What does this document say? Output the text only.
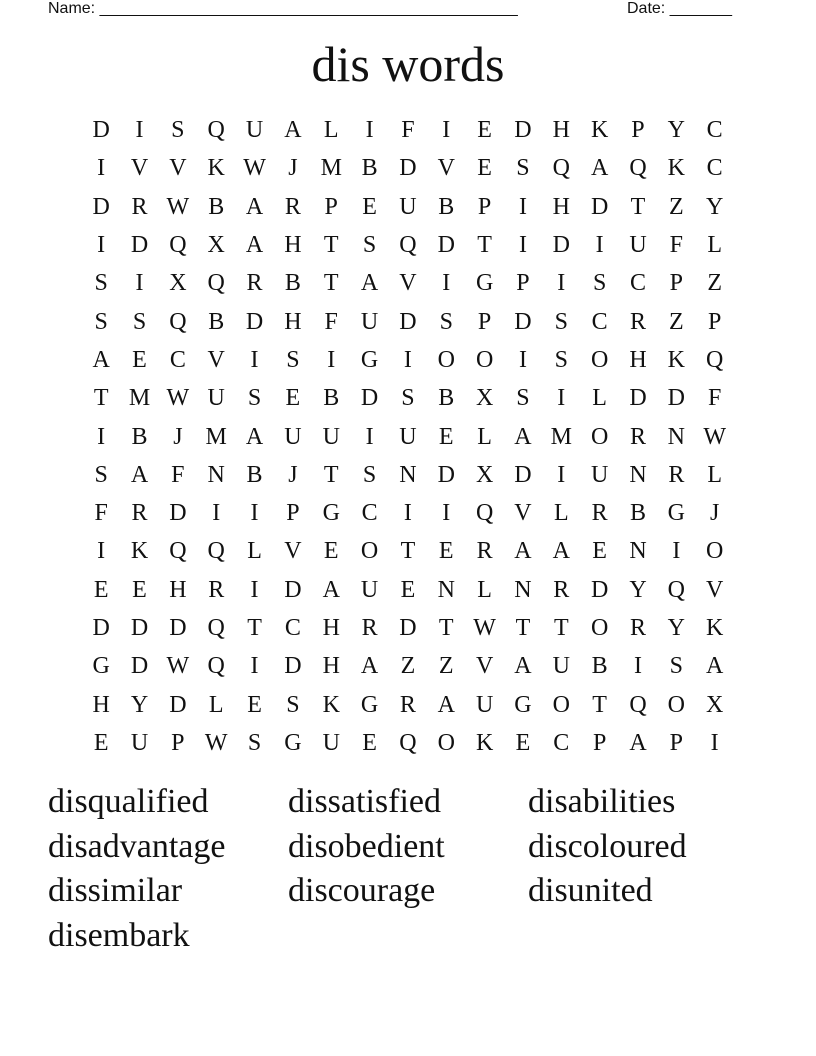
Name: _______________________________________________	Date: _______
dis words
D	I	S Q U A L	I	F	I	E D H K P Y C
I	V V K W J M B D V E	S Q A Q K C
D R W B A R P	E U B P	I	H D T Z Y
I	D Q X A H T	S Q D T	I	D	I	U F	L
S	I	X Q R B T A V	I	G P	I	S C P	Z
S	S Q B D H F U D S	P D S C R Z	P
A E C V	I	S	I	G	I	O O	I	S O H K Q
T M W U S	E B D S B X S	I	L D D F
I	B	J M A U U	I	U E L A M O R N W
S A F N B	J	T	S N D X D	I	U N R L
F R D	I	I	P G C	I	I	Q V L R B G	J
I	K Q Q L V E O T E R A A E N	I	O
E E H R	I	D A U E N L N R D Y Q V
D D D Q T C H R D T W T T O R Y K
G D W Q	I	D H A Z Z V A U B	I	S A
H Y D L E	S K G R A U G O T Q O X
E U P W S G U E Q O K E C P A P	I
disqualified	dissatisfied	disabilities
disadvantage	disobedient	discoloured
dissimilar	discourage	disunited
disembark
